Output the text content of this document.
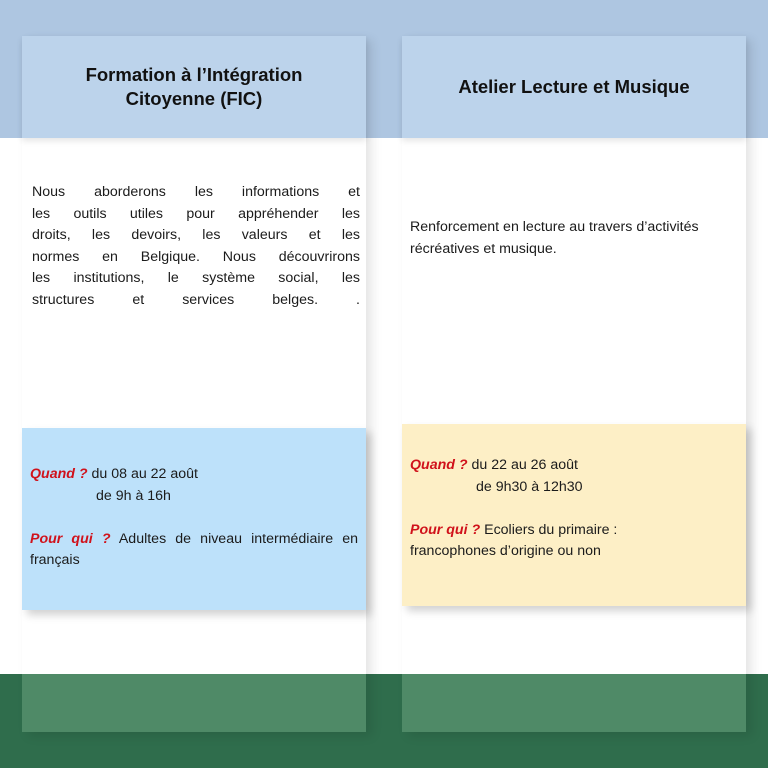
Formation à l’Intégration Citoyenne (FIC)
Nous aborderons les informations et
les outils utiles pour appréhender les
droits, les devoirs, les valeurs et les
normes en Belgique. Nous découvrirons
les institutions, le système social, les
structures et services belges. .
Quand ? du 08 au 22 août
de 9h à 16h
Pour qui ? Adultes de niveau intermédiaire en français
Atelier Lecture et Musique
Renforcement en lecture au travers d’activités
récréatives et musique.
Quand ? du 22 au 26 août
de 9h30 à 12h30
Pour qui ? Ecoliers du primaire :
francophones d’origine ou non
